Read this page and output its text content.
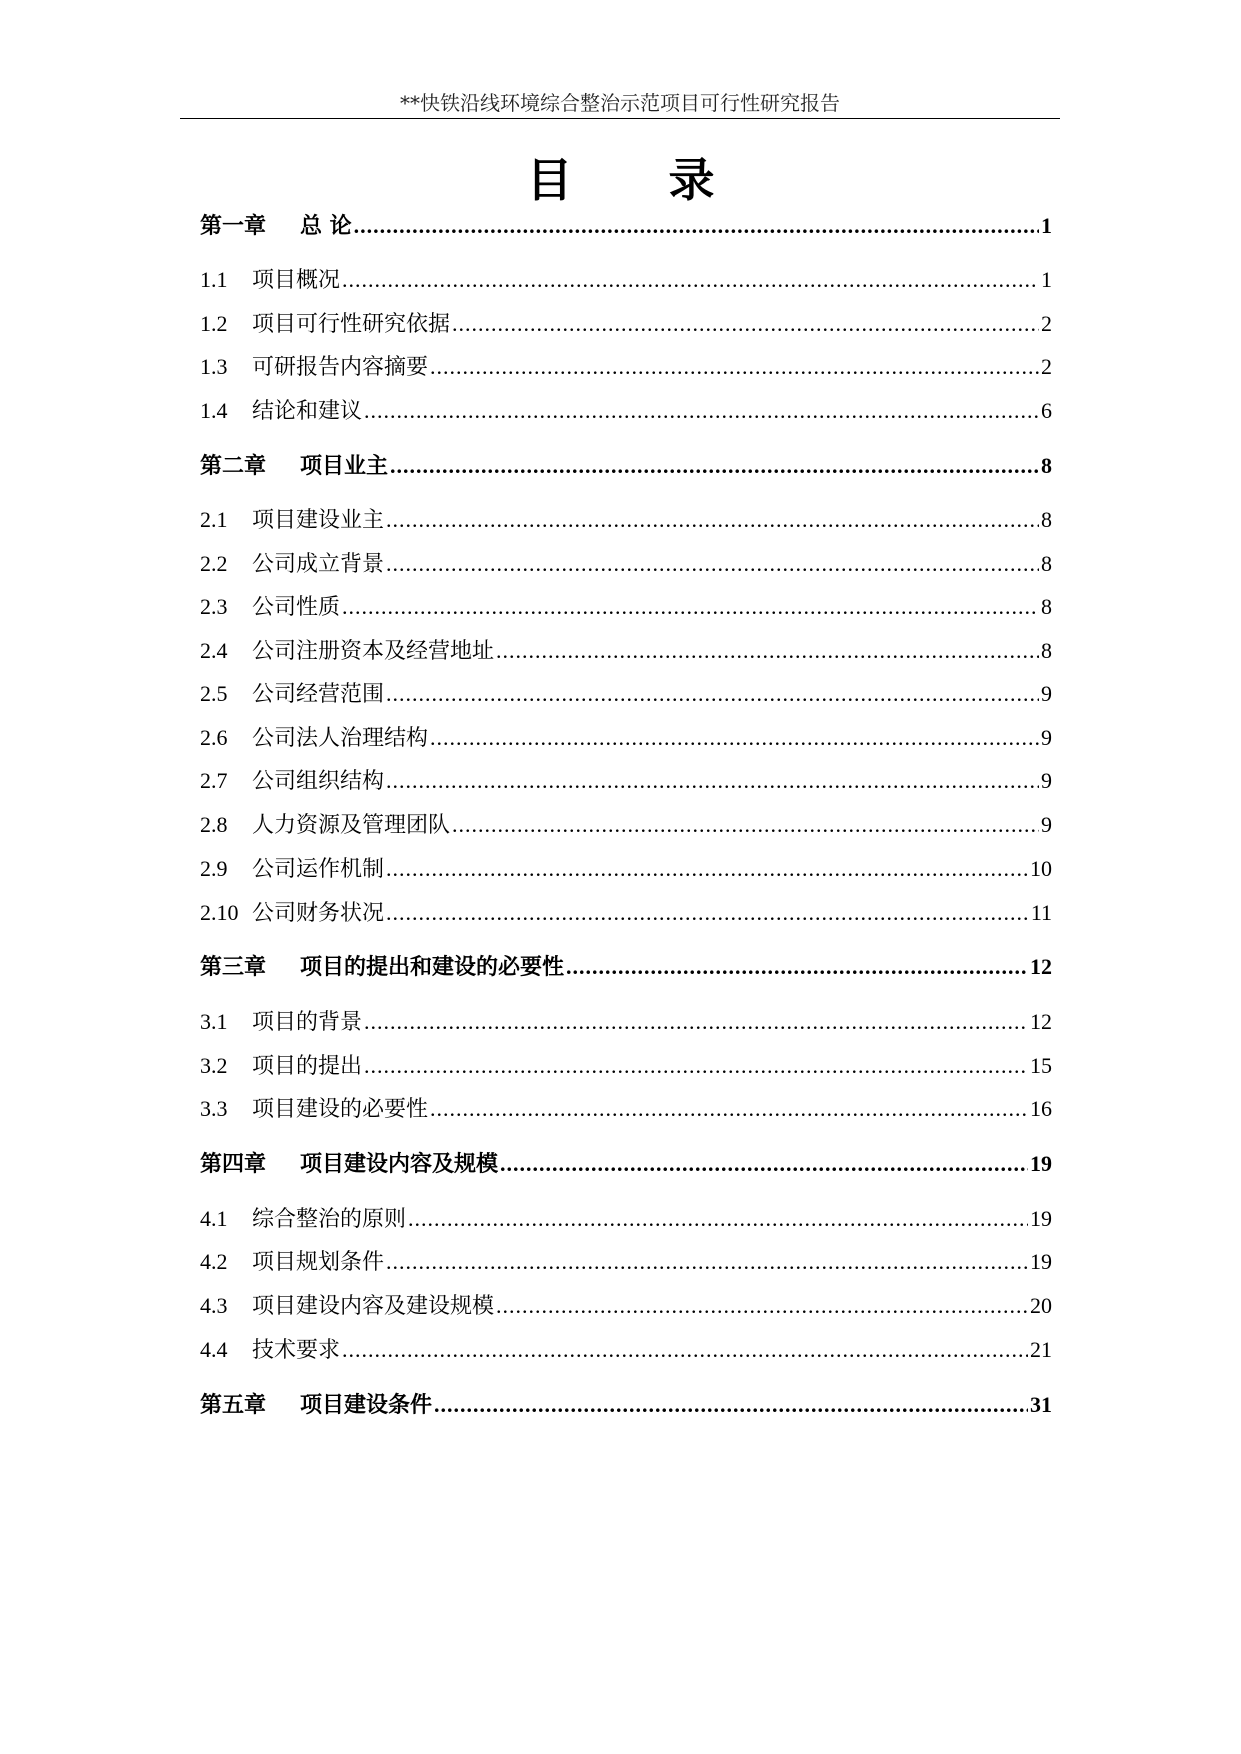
**快铁沿线环境综合整治示范项目可行性研究报告
目 录
第一章	总 论 .....	1
1.1	项目概况 .....	1
1.2	项目可行性研究依据 .....	2
1.3	可研报告内容摘要 .....	2
1.4	结论和建议 .....	6
第二章	项目业主 .....	8
2.1	项目建设业主 .....	8
2.2	公司成立背景 .....	8
2.3	公司性质 .....	8
2.4	公司注册资本及经营地址 .....	8
2.5	公司经营范围 .....	9
2.6	公司法人治理结构 .....	9
2.7	公司组织结构 .....	9
2.8	人力资源及管理团队 .....	9
2.9	公司运作机制 .....	10
2.10 公司财务状况 .....	11
第三章	项目的提出和建设的必要性 .....	12
3.1	项目的背景 .....	12
3.2	项目的提出 .....	15
3.3	项目建设的必要性 .....	16
第四章	项目建设内容及规模 .....	19
4.1	综合整治的原则 .....	19
4.2	项目规划条件 .....	19
4.3	项目建设内容及建设规模 .....	20
4.4	技术要求 .....	21
第五章	项目建设条件 .....	31
